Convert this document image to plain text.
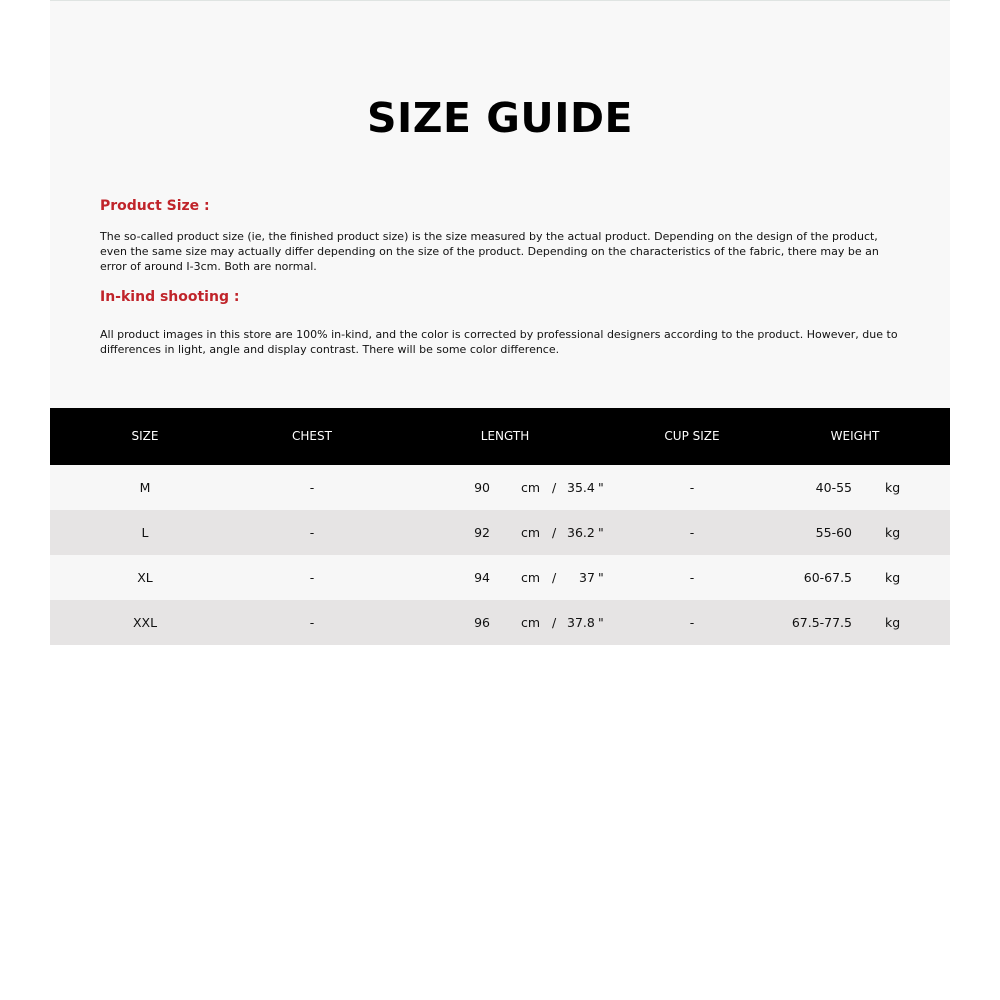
SIZE GUIDE
Product Size :
The so-called product size (ie, the finished product size) is the size measured by the actual product. Depending on the design of the product, even the same size may actually differ depending on the size of the product. Depending on the characteristics of the fabric, there may be an error of around I-3cm. Both are normal.
In-kind shooting :
All product images in this store are 100% in-kind, and the color is corrected by professional designers according to the product. However, due to differences in light, angle and display contrast. There will be some color difference.
SIZE	CHEST	LENGTH	CUP SIZE	WEIGHT
M	-	90 cm / 35.4 "	-	40-55	kg
L	-	92 cm / 36.2 "	-	55-60	kg
XL	-	94 cm / 37 "	-	60-67.5	kg
XXL	-	96 cm / 37.8 "	-	67.5-77.5	kg
